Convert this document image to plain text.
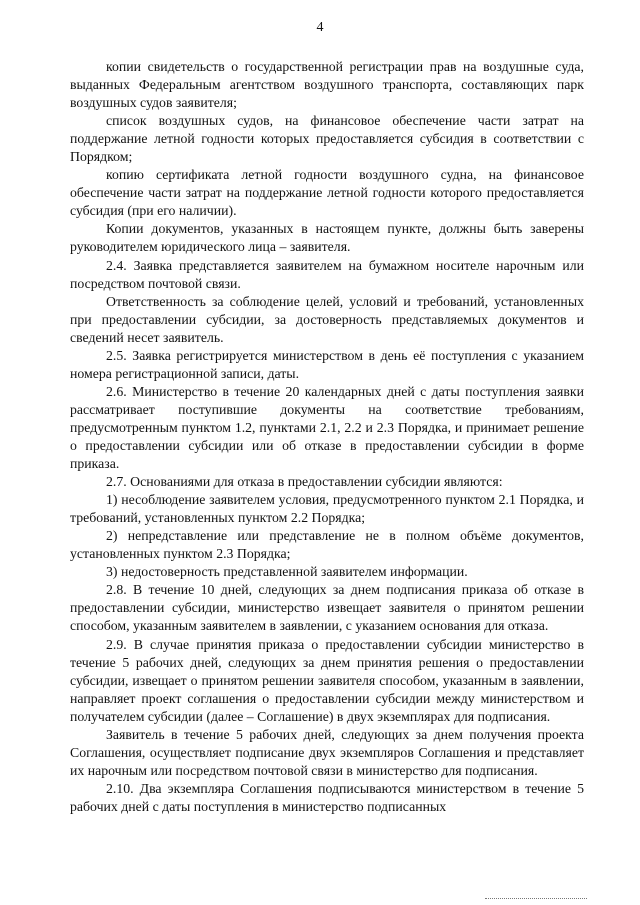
4

копии свидетельств о государственной регистрации прав на воздушные суда, выданных Федеральным агентством воздушного транспорта, составляющих парк воздушных судов заявителя;

список воздушных судов, на финансовое обеспечение части затрат на поддержание летной годности которых предоставляется субсидия в соответствии с Порядком;

копию сертификата летной годности воздушного судна, на финансовое обеспечение части затрат на поддержание летной годности которого предоставляется субсидия (при его наличии).

Копии документов, указанных в настоящем пункте, должны быть заверены руководителем юридического лица – заявителя.

2.4. Заявка представляется заявителем на бумажном носителе нарочным или посредством почтовой связи.

Ответственность за соблюдение целей, условий и требований, установленных при предоставлении субсидии, за достоверность представляемых документов и сведений несет заявитель.

2.5. Заявка регистрируется министерством в день её поступления с указанием номера регистрационной записи, даты.

2.6. Министерство в течение 20 календарных дней с даты поступления заявки рассматривает поступившие документы на соответствие требованиям, предусмотренным пунктом 1.2, пунктами 2.1, 2.2 и 2.3 Порядка, и принимает решение о предоставлении субсидии или об отказе в предоставлении субсидии в форме приказа.

2.7. Основаниями для отказа в предоставлении субсидии являются:

1) несоблюдение заявителем условия, предусмотренного пунктом 2.1 Порядка, и требований, установленных пунктом 2.2 Порядка;

2) непредставление или представление не в полном объёме документов, установленных пунктом 2.3 Порядка;

3) недостоверность представленной заявителем информации.

2.8. В течение 10 дней, следующих за днем подписания приказа об отказе в предоставлении субсидии, министерство извещает заявителя о принятом решении способом, указанным заявителем в заявлении, с указанием основания для отказа.

2.9. В случае принятия приказа о предоставлении субсидии министерство в течение 5 рабочих дней, следующих за днем принятия решения о предоставлении субсидии, извещает о принятом решении заявителя способом, указанным в заявлении, направляет проект соглашения о предоставлении субсидии между министерством и получателем субсидии (далее – Соглашение) в двух экземплярах для подписания.

Заявитель в течение 5 рабочих дней, следующих за днем получения проекта Соглашения, осуществляет подписание двух экземпляров Соглашения и представляет их нарочным или посредством почтовой связи в министерство для подписания.

2.10. Два экземпляра Соглашения подписываются министерством в течение 5 рабочих дней с даты поступления в министерство подписанных
